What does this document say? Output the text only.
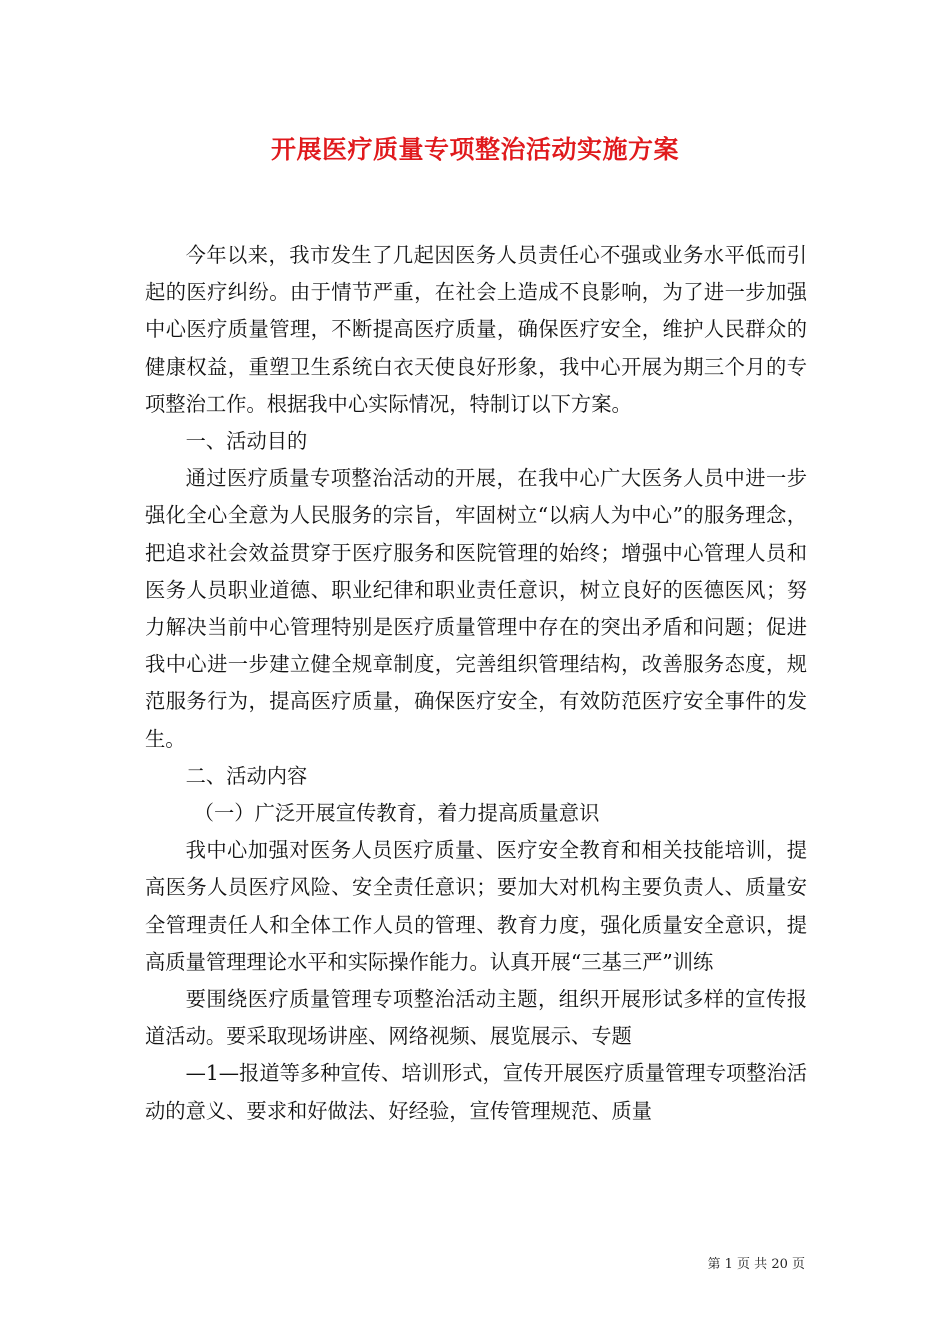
开展医疗质量专项整治活动实施方案

今年以来，我市发生了几起因医务人员责任心不强或业务水平低而引起的医疗纠纷。由于情节严重，在社会上造成不良影响，为了进一步加强中心医疗质量管理，不断提高医疗质量，确保医疗安全，维护人民群众的健康权益，重塑卫生系统白衣天使良好形象，我中心开展为期三个月的专项整治工作。根据我中心实际情况，特制订以下方案。

一、活动目的

通过医疗质量专项整治活动的开展，在我中心广大医务人员中进一步强化全心全意为人民服务的宗旨，牢固树立“以病人为中心”的服务理念，把追求社会效益贯穿于医疗服务和医院管理的始终；增强中心管理人员和医务人员职业道德、职业纪律和职业责任意识，树立良好的医德医风；努力解决当前中心管理特别是医疗质量管理中存在的突出矛盾和问题；促进我中心进一步建立健全规章制度，完善组织管理结构，改善服务态度，规范服务行为，提高医疗质量，确保医疗安全，有效防范医疗安全事件的发生。

二、活动内容

（一）广泛开展宣传教育，着力提高质量意识

我中心加强对医务人员医疗质量、医疗安全教育和相关技能培训，提高医务人员医疗风险、安全责任意识；要加大对机构主要负责人、质量安全管理责任人和全体工作人员的管理、教育力度，强化质量安全意识，提高质量管理理论水平和实际操作能力。认真开展“三基三严”训练

要围绕医疗质量管理专项整治活动主题，组织开展形试多样的宣传报道活动。要采取现场讲座、网络视频、展览展示、专题

—1—报道等多种宣传、培训形式，宣传开展医疗质量管理专项整治活动的意义、要求和好做法、好经验，宣传管理规范、质量

第 1 页 共 20 页
